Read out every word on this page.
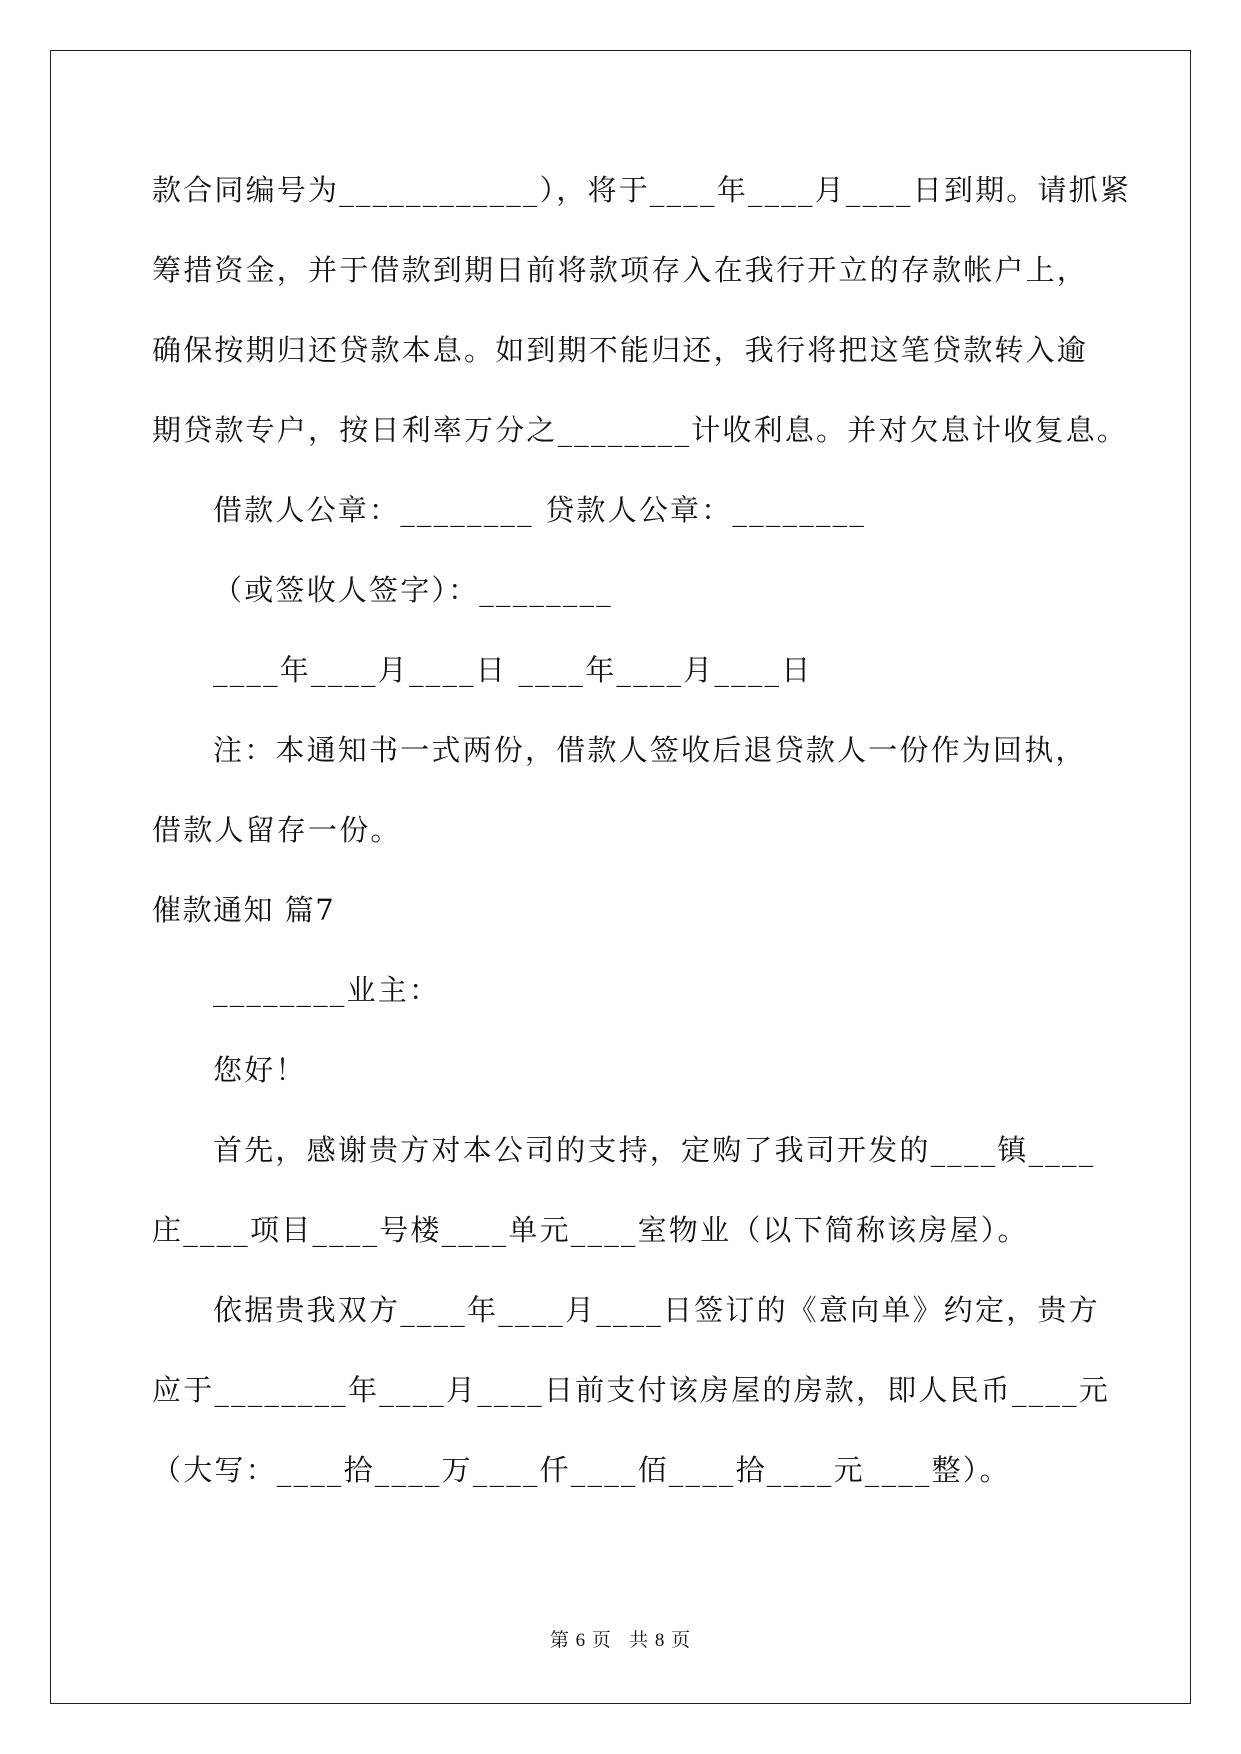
款合同编号为____________），将于____年____月____日到期。请抓紧
筹措资金，并于借款到期日前将款项存入在我行开立的存款帐户上，
确保按期归还贷款本息。如到期不能归还，我行将把这笔贷款转入逾
期贷款专户，按日利率万分之________计收利息。并对欠息计收复息。
借款人公章：________ 贷款人公章：________
（或签收人签字）：________
____年____月____日 ____年____月____日
注：本通知书一式两份，借款人签收后退贷款人一份作为回执，
借款人留存一份。
催款通知 篇7
________业主：
您好！
首先，感谢贵方对本公司的支持，定购了我司开发的____镇____
庄____项目____号楼____单元____室物业（以下简称该房屋）。
依据贵我双方____年____月____日签订的《意向单》约定，贵方
应于________年____月____日前支付该房屋的房款，即人民币____元
（大写：____拾____万____仟____佰____拾____元____整）。
第 6 页   共 8 页
